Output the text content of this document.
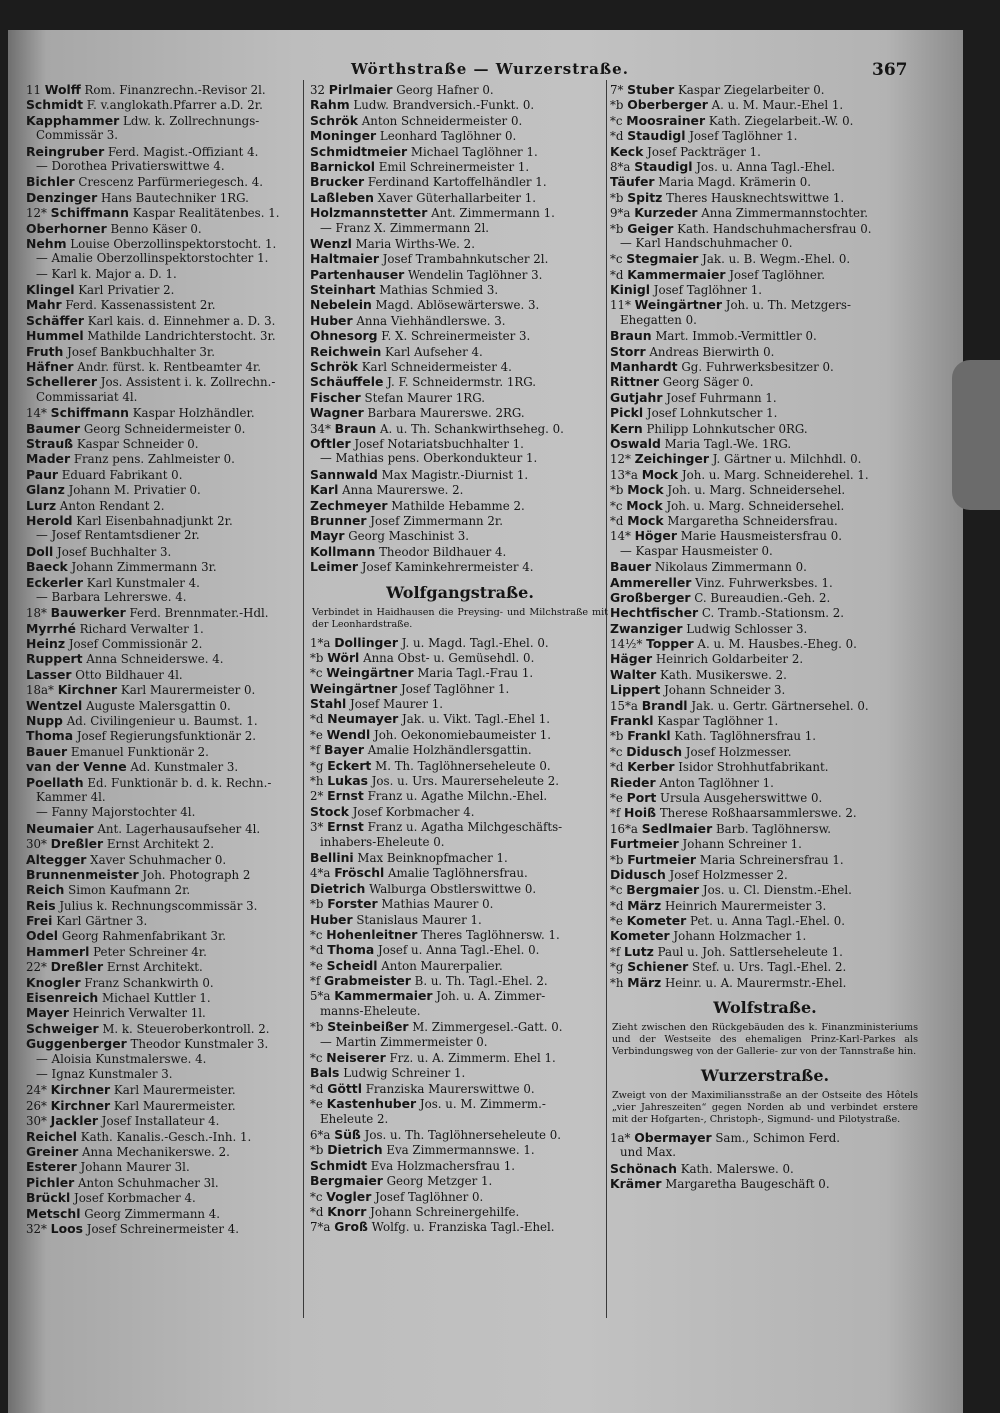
Wörthstraße — Wurzerstraße.	367
11 Wolff Rom. Finanzrechn.-Revisor 2l.
Schmidt F. v.anglokath.Pfarrer a.D. 2r.
Kapphammer Ldw. k. Zollrechnungs-
Commissär 3.
Reingruber Ferd. Magist.-Offiziant 4.
— Dorothea Privatierswittwe 4.
Bichler Crescenz Parfürmeriegesch. 4.
Denzinger Hans Bautechniker 1RG.
12* Schiffmann Kaspar Realitätenbes. 1.
Oberhorner Benno Käser 0.
Nehm Louise Oberzollinspektorstocht. 1.
— Amalie Oberzollinspektorstochter 1.
— Karl k. Major a. D. 1.
Klingel Karl Privatier 2.
Mahr Ferd. Kassenassistent 2r.
Schäffer Karl kais. d. Einnehmer a. D. 3.
Hummel Mathilde Landrichterstocht. 3r.
Fruth Josef Bankbuchhalter 3r.
Häfner Andr. fürst. k. Rentbeamter 4r.
Schellerer Jos. Assistent i. k. Zollrechn.-
Commissariat 4l.
14* Schiffmann Kaspar Holzhändler.
Baumer Georg Schneidermeister 0.
Strauß Kaspar Schneider 0.
Mader Franz pens. Zahlmeister 0.
Paur Eduard Fabrikant 0.
Glanz Johann M. Privatier 0.
Lurz Anton Rendant 2.
Herold Karl Eisenbahnadjunkt 2r.
— Josef Rentamtsdiener 2r.
Doll Josef Buchhalter 3.
Baeck Johann Zimmermann 3r.
Eckerler Karl Kunstmaler 4.
— Barbara Lehrerswe. 4.
18* Bauwerker Ferd. Brennmater.-Hdl.
Myrrhé Richard Verwalter 1.
Heinz Josef Commissionär 2.
Ruppert Anna Schneiderswe. 4.
Lasser Otto Bildhauer 4l.
18a* Kirchner Karl Maurermeister 0.
Wentzel Auguste Malersgattin 0.
Nupp Ad. Civilingenieur u. Baumst. 1.
Thoma Josef Regierungsfunktionär 2.
Bauer Emanuel Funktionär 2.
van der Venne Ad. Kunstmaler 3.
Poellath Ed. Funktionär b. d. k. Rechn.-
Kammer 4l.
— Fanny Majorstochter 4l.
Neumaier Ant. Lagerhausaufseher 4l.
30* Dreßler Ernst Architekt 2.
Altegger Xaver Schuhmacher 0.
Brunnenmeister Joh. Photograph 2
Reich Simon Kaufmann 2r.
Reis Julius k. Rechnungscommissär 3.
Frei Karl Gärtner 3.
Odel Georg Rahmenfabrikant 3r.
Hammerl Peter Schreiner 4r.
22* Dreßler Ernst Architekt.
Knogler Franz Schankwirth 0.
Eisenreich Michael Kuttler 1.
Mayer Heinrich Verwalter 1l.
Schweiger M. k. Steueroberkontroll. 2.
Guggenberger Theodor Kunstmaler 3.
— Aloisia Kunstmalerswe. 4.
— Ignaz Kunstmaler 3.
24* Kirchner Karl Maurermeister.
26* Kirchner Karl Maurermeister.
30* Jackler Josef Installateur 4.
Reichel Kath. Kanalis.-Gesch.-Inh. 1.
Greiner Anna Mechanikerswe. 2.
Esterer Johann Maurer 3l.
Pichler Anton Schuhmacher 3l.
Brückl Josef Korbmacher 4.
Metschl Georg Zimmermann 4.
32* Loos Josef Schreinermeister 4.
32 Pirlmaier Georg Hafner 0.
Rahm Ludw. Brandversich.-Funkt. 0.
Schrök Anton Schneidermeister 0.
Moninger Leonhard Taglöhner 0.
Schmidtmeier Michael Taglöhner 1.
Barnickol Emil Schreinermeister 1.
Brucker Ferdinand Kartoffelhändler 1.
Laßleben Xaver Güterhallarbeiter 1.
Holzmannstetter Ant. Zimmermann 1.
— Franz X. Zimmermann 2l.
Wenzl Maria Wirths-We. 2.
Haltmaier Josef Trambahnkutscher 2l.
Partenhauser Wendelin Taglöhner 3.
Steinhart Mathias Schmied 3.
Nebelein Magd. Ablösewärterswe. 3.
Huber Anna Viehhändlerswe. 3.
Ohnesorg F. X. Schreinermeister 3.
Reichwein Karl Aufseher 4.
Schrök Karl Schneidermeister 4.
Schäuffele J. F. Schneidermstr. 1RG.
Fischer Stefan Maurer 1RG.
Wagner Barbara Maurerswe. 2RG.
34* Braun A. u. Th. Schankwirthseheg. 0.
Oftler Josef Notariatsbuchhalter 1.
— Mathias pens. Oberkondukteur 1.
Sannwald Max Magistr.-Diurnist 1.
Karl Anna Maurerswe. 2.
Zechmeyer Mathilde Hebamme 2.
Brunner Josef Zimmermann 2r.
Mayr Georg Maschinist 3.
Kollmann Theodor Bildhauer 4.
Leimer Josef Kaminkehrermeister 4.
Wolfgangstraße.
Verbindet in Haidhausen die Preysing- und Milchstraße mit der Leonhardstraße.
1*a Dollinger J. u. Magd. Tagl.-Ehel. 0.
*b Wörl Anna Obst- u. Gemüsehdl. 0.
*c Weingärtner Maria Tagl.-Frau 1.
Weingärtner Josef Taglöhner 1.
Stahl Josef Maurer 1.
*d Neumayer Jak. u. Vikt. Tagl.-Ehel 1.
*e Wendl Joh. Oekonomiebaumeister 1.
*f Bayer Amalie Holzhändlersgattin.
*g Eckert M. Th. Taglöhnerseheleute 0.
*h Lukas Jos. u. Urs. Maurerseheleute 2.
2* Ernst Franz u. Agathe Milchn.-Ehel.
Stock Josef Korbmacher 4.
3* Ernst Franz u. Agatha Milchgeschäfts-
inhabers-Eheleute 0.
Bellini Max Beinknopfmacher 1.
4*a Fröschl Amalie Taglöhnersfrau.
Dietrich Walburga Obstlerswittwe 0.
*b Forster Mathias Maurer 0.
Huber Stanislaus Maurer 1.
*c Hohenleitner Theres Taglöhnersw. 1.
*d Thoma Josef u. Anna Tagl.-Ehel. 0.
*e Scheidl Anton Maurerpalier.
*f Grabmeister B. u. Th. Tagl.-Ehel. 2.
5*a Kammermaier Joh. u. A. Zimmer-
manns-Eheleute.
*b Steinbeißer M. Zimmergesel.-Gatt. 0.
— Martin Zimmermeister 0.
*c Neiserer Frz. u. A. Zimmerm. Ehel 1.
Bals Ludwig Schreiner 1.
*d Göttl Franziska Maurerswittwe 0.
*e Kastenhuber Jos. u. M. Zimmerm.-
Eheleute 2.
6*a Süß Jos. u. Th. Taglöhnerseheleute 0.
*b Dietrich Eva Zimmermannswe. 1.
Schmidt Eva Holzmachersfrau 1.
Bergmaier Georg Metzger 1.
*c Vogler Josef Taglöhner 0.
*d Knorr Johann Schreinergehilfe.
7*a Groß Wolfg. u. Franziska Tagl.-Ehel.
7* Stuber Kaspar Ziegelarbeiter 0.
*b Oberberger A. u. M. Maur.-Ehel 1.
*c Moosrainer Kath. Ziegelarbeit.-W. 0.
*d Staudigl Josef Taglöhner 1.
Keck Josef Packträger 1.
8*a Staudigl Jos. u. Anna Tagl.-Ehel.
Täufer Maria Magd. Krämerin 0.
*b Spitz Theres Hausknechtswittwe 1.
9*a Kurzeder Anna Zimmermannstochter.
*b Geiger Kath. Handschuhmachersfrau 0.
— Karl Handschuhmacher 0.
*c Stegmaier Jak. u. B. Wegm.-Ehel. 0.
*d Kammermaier Josef Taglöhner.
Kinigl Josef Taglöhner 1.
11* Weingärtner Joh. u. Th. Metzgers-
Ehegatten 0.
Braun Mart. Immob.-Vermittler 0.
Storr Andreas Bierwirth 0.
Manhardt Gg. Fuhrwerksbesitzer 0.
Rittner Georg Säger 0.
Gutjahr Josef Fuhrmann 1.
Pickl Josef Lohnkutscher 1.
Kern Philipp Lohnkutscher 0RG.
Oswald Maria Tagl.-We. 1RG.
12* Zeichinger J. Gärtner u. Milchhdl. 0.
13*a Mock Joh. u. Marg. Schneiderehel. 1.
*b Mock Joh. u. Marg. Schneidersehel.
*c Mock Joh. u. Marg. Schneidersehel.
*d Mock Margaretha Schneidersfrau.
14* Höger Marie Hausmeistersfrau 0.
— Kaspar Hausmeister 0.
Bauer Nikolaus Zimmermann 0.
Ammereller Vinz. Fuhrwerksbes. 1.
Großberger C. Bureaudien.-Geh. 2.
Hechtfischer C. Tramb.-Stationsm. 2.
Zwanziger Ludwig Schlosser 3.
14½* Topper A. u. M. Hausbes.-Eheg. 0.
Häger Heinrich Goldarbeiter 2.
Walter Kath. Musikerswe. 2.
Lippert Johann Schneider 3.
15*a Brandl Jak. u. Gertr. Gärtnersehel. 0.
Frankl Kaspar Taglöhner 1.
*b Frankl Kath. Taglöhnersfrau 1.
*c Didusch Josef Holzmesser.
*d Kerber Isidor Strohhutfabrikant.
Rieder Anton Taglöhner 1.
*e Port Ursula Ausgeherswittwe 0.
*f Hoiß Therese Roßhaarsammlerswe. 2.
16*a Sedlmaier Barb. Taglöhnersw.
Furtmeier Johann Schreiner 1.
*b Furtmeier Maria Schreinersfrau 1.
Didusch Josef Holzmesser 2.
*c Bergmaier Jos. u. Cl. Dienstm.-Ehel.
*d März Heinrich Maurermeister 3.
*e Kometer Pet. u. Anna Tagl.-Ehel. 0.
Kometer Johann Holzmacher 1.
*f Lutz Paul u. Joh. Sattlerseheleute 1.
*g Schiener Stef. u. Urs. Tagl.-Ehel. 2.
*h März Heinr. u. A. Maurermstr.-Ehel.
Wolfstraße.
Zieht zwischen den Rückgebäuden des k. Finanzministeriums und der Westseite des ehemaligen Prinz-Karl-Parkes als Verbindungsweg von der Gallerie- zur von der Tannstraße hin.
Wurzerstraße.
Zweigt von der Maximiliansstraße an der Ostseite des Hôtels „vier Jahreszeiten“ gegen Norden ab und verbindet erstere mit der Hofgarten-, Christoph-, Sigmund- und Pilotystraße.
1a* Obermayer Sam., Schimon Ferd.
und Max.
Schönach Kath. Malerswe. 0.
Krämer Margaretha Baugeschäft 0.
